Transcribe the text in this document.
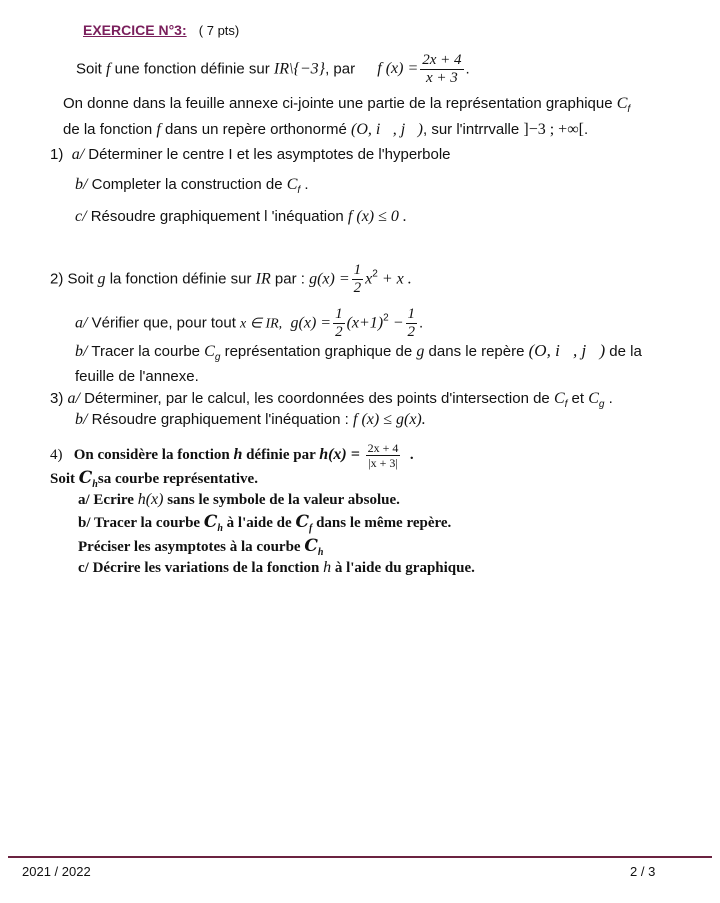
EXERCICE N°3: ( 7 pts)
Soit f une fonction définie sur IR\{−3}, par f $(x) = \frac{2x + 4}{x + 3}$ .
On donne dans la feuille annexe ci-jointe une partie de la représentation graphique $C_f$
de la fonction f dans un repère orthonormé (O, i⃗, j⃗), sur l'intrrvalle ]−3 ; +∞[.
1) a/ Déterminer le centre I et les asymptotes de l'hyperbole
b/ Completer la construction de $C_f$ .
c/ Résoudre graphiquement l 'inéquation f (x) ≤ 0 .
2) Soit g la fonction définie sur IR par : $g(x) = \frac{1}{2} x^2 + x$ .
a/ Vérifier que, pour tout x ∈ IR, $g(x) = \frac{1}{2} (x+1)^2 - \frac{1}{2}$ .
b/ Tracer la courbe $C_g$ représentation graphique de g dans le repère (O, i⃗, j⃗) de la
feuille de l'annexe.
3) a/ Déterminer, par le calcul, les coordonnées des points d'intersection de $C_f$ et $C_g$ .
b/ Résoudre graphiquement l'inéquation : f (x) ≤ g(x).
4) On considère la fonction h définie par $h(x) = \frac{2x + 4}{|x + 3|}$ .
Soit $C_hsa$ courbe représentative.
a/ Ecrire h(x) sans le symbole de la valeur absolue.
b/ Tracer la courbe $C_h$ à l'aide de $C_f$ dans le même repère.
Préciser les asymptotes à la courbe $C_h$
c/ Décrire les variations de la fonction h à l'aide du graphique.
2021 / 2022	2 / 3
